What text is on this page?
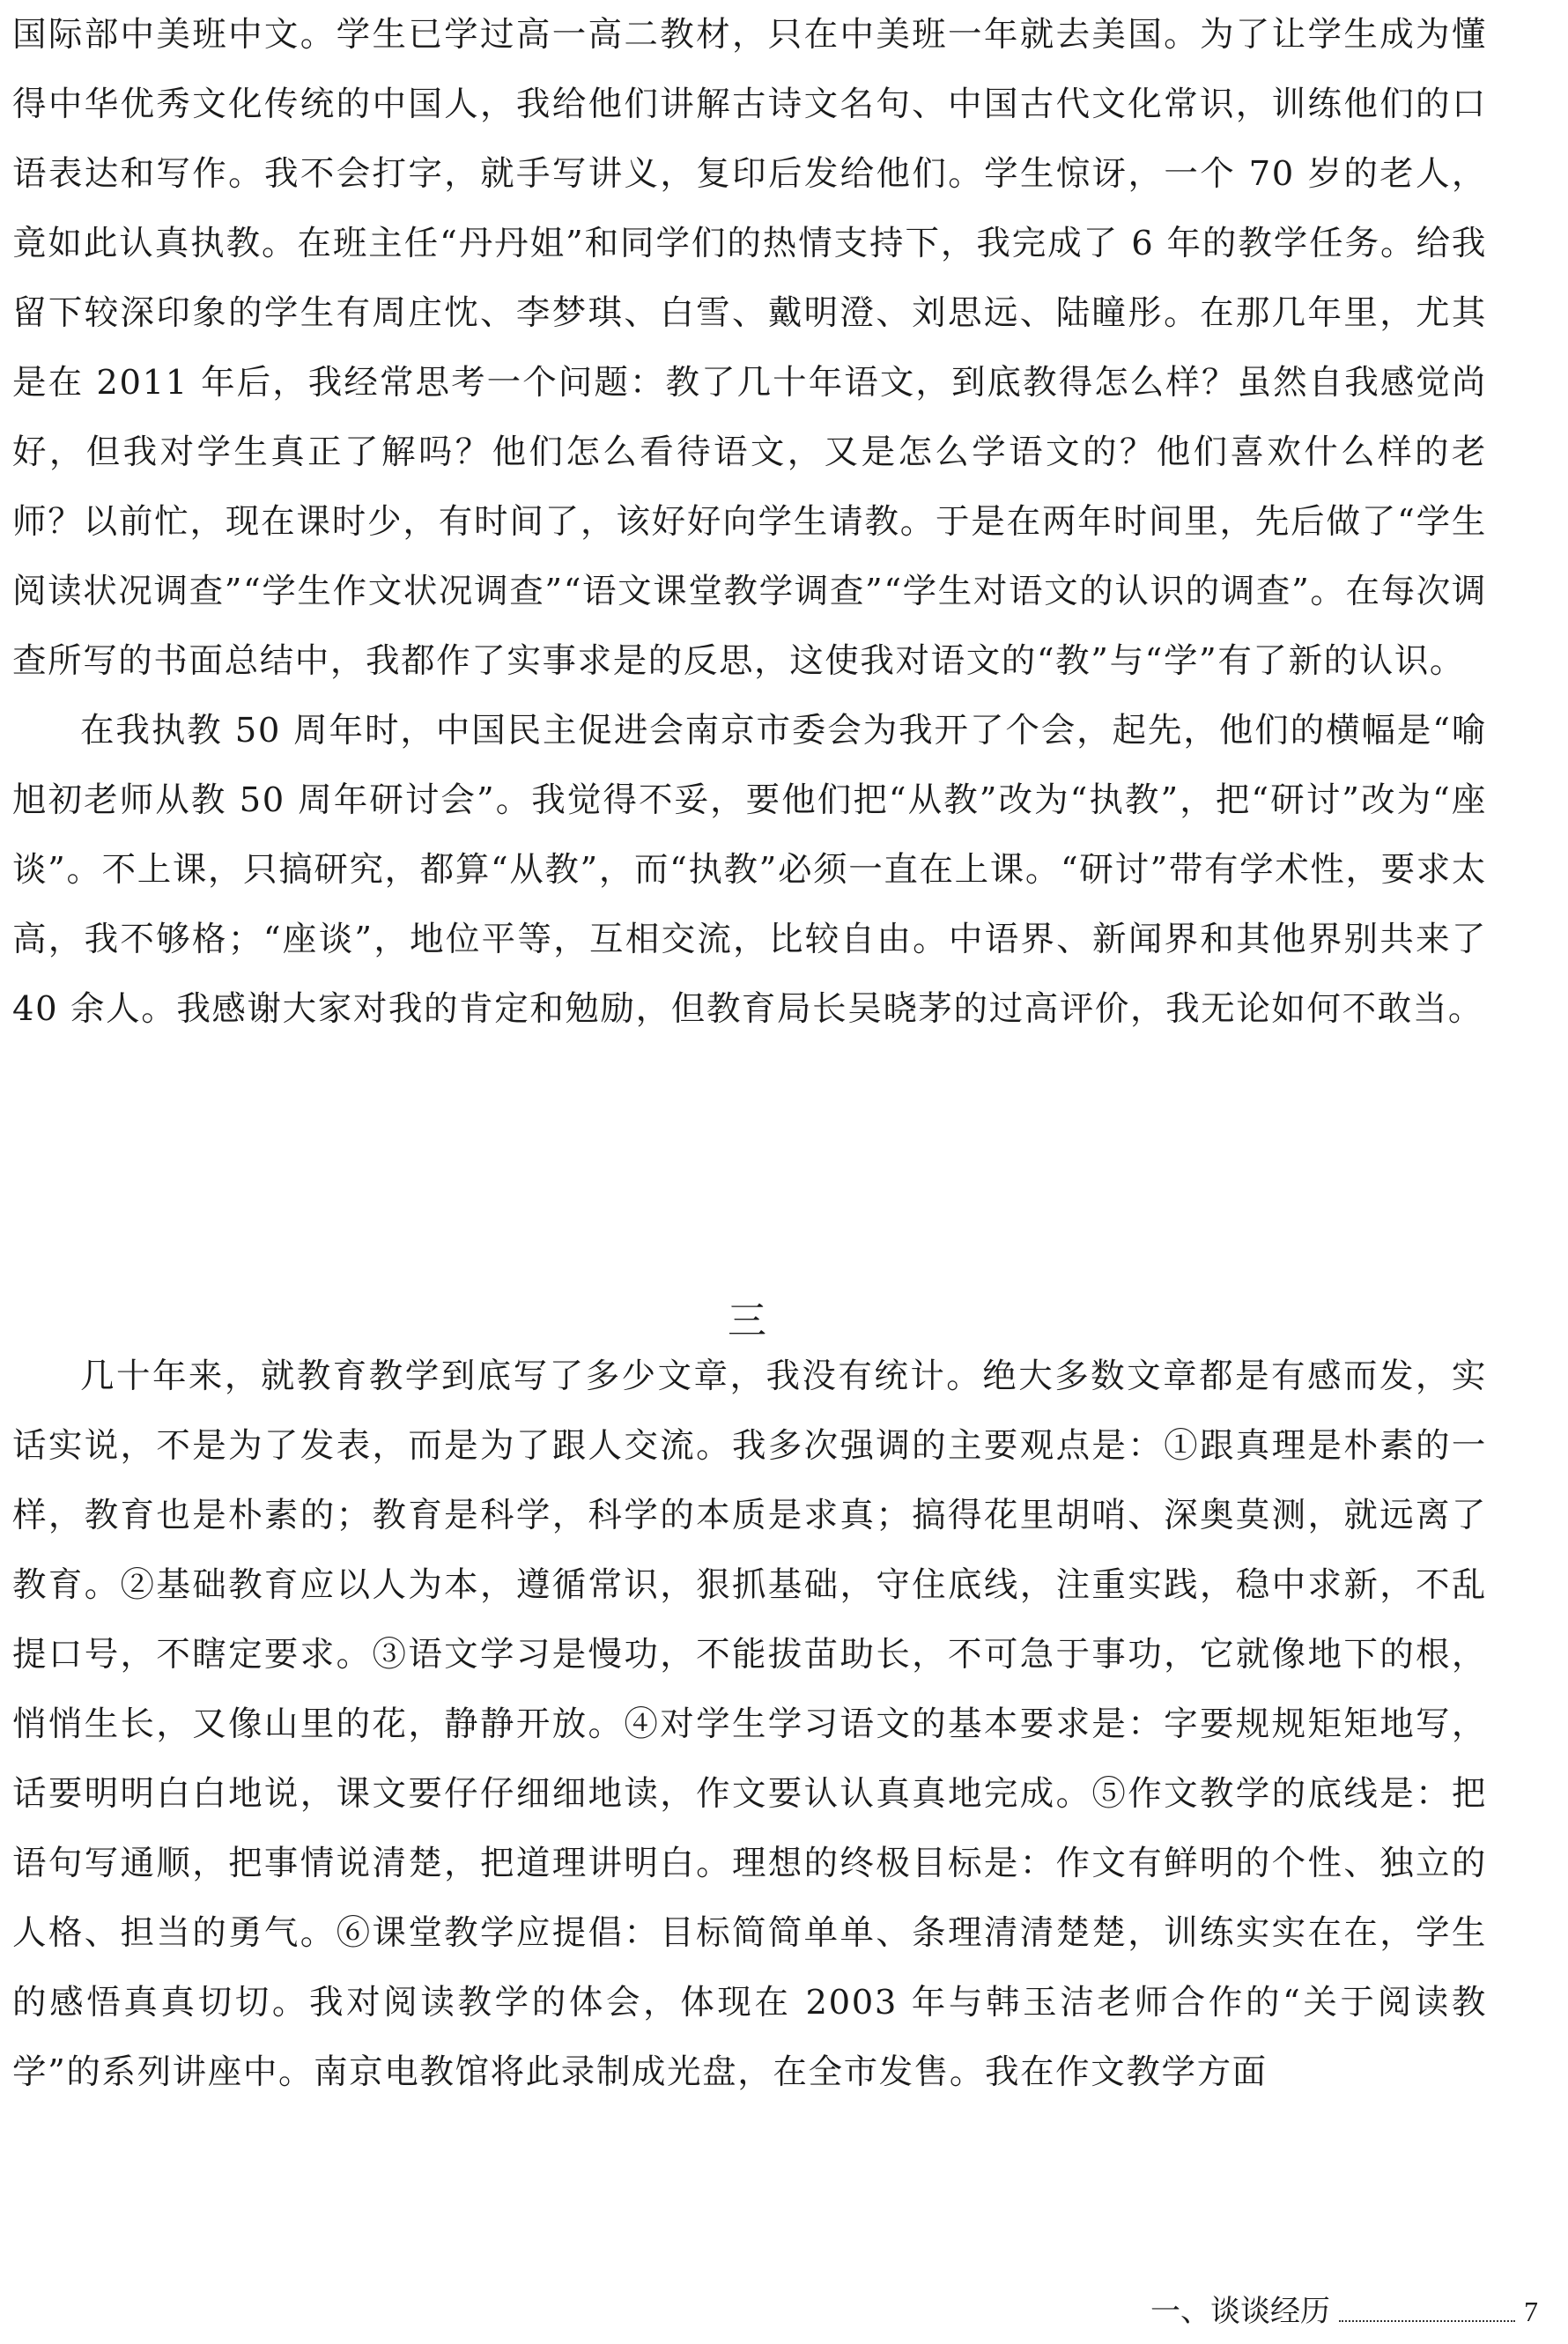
国际部中美班中文。学生已学过高一高二教材，只在中美班一年就去美国。为了让学生成为懂得中华优秀文化传统的中国人，我给他们讲解古诗文名句、中国古代文化常识，训练他们的口语表达和写作。我不会打字，就手写讲义，复印后发给他们。学生惊讶，一个 70 岁的老人，竟如此认真执教。在班主任“丹丹姐”和同学们的热情支持下，我完成了 6 年的教学任务。给我留下较深印象的学生有周庄忱、李梦琪、白雪、戴明澄、刘思远、陆瞳彤。在那几年里，尤其是在 2011 年后，我经常思考一个问题：教了几十年语文，到底教得怎么样？虽然自我感觉尚好，但我对学生真正了解吗？他们怎么看待语文，又是怎么学语文的？他们喜欢什么样的老师？以前忙，现在课时少，有时间了，该好好向学生请教。于是在两年时间里，先后做了“学生阅读状况调查”“学生作文状况调查”“语文课堂教学调查”“学生对语文的认识的调查”。在每次调查所写的书面总结中，我都作了实事求是的反思，这使我对语文的“教”与“学”有了新的认识。

在我执教 50 周年时，中国民主促进会南京市委会为我开了个会，起先，他们的横幅是“喻旭初老师从教 50 周年研讨会”。我觉得不妥，要他们把“从教”改为“执教”，把“研讨”改为“座谈”。不上课，只搞研究，都算“从教”，而“执教”必须一直在上课。“研讨”带有学术性，要求太高，我不够格；“座谈”，地位平等，互相交流，比较自由。中语界、新闻界和其他界别共来了 40 余人。我感谢大家对我的肯定和勉励，但教育局长吴晓茅的过高评价，我无论如何不敢当。

三

几十年来，就教育教学到底写了多少文章，我没有统计。绝大多数文章都是有感而发，实话实说，不是为了发表，而是为了跟人交流。我多次强调的主要观点是：①跟真理是朴素的一样，教育也是朴素的；教育是科学，科学的本质是求真；搞得花里胡哨、深奥莫测，就远离了教育。②基础教育应以人为本，遵循常识，狠抓基础，守住底线，注重实践，稳中求新，不乱提口号，不瞎定要求。③语文学习是慢功，不能拔苗助长，不可急于事功，它就像地下的根，悄悄生长，又像山里的花，静静开放。④对学生学习语文的基本要求是：字要规规矩矩地写，话要明明白白地说，课文要仔仔细细地读，作文要认认真真地完成。⑤作文教学的底线是：把语句写通顺，把事情说清楚，把道理讲明白。理想的终极目标是：作文有鲜明的个性、独立的人格、担当的勇气。⑥课堂教学应提倡：目标简简单单、条理清清楚楚，训练实实在在，学生的感悟真真切切。我对阅读教学的体会，体现在 2003 年与韩玉洁老师合作的“关于阅读教学”的系列讲座中。南京电教馆将此录制成光盘，在全市发售。我在作文教学方面

一、谈谈经历	7
